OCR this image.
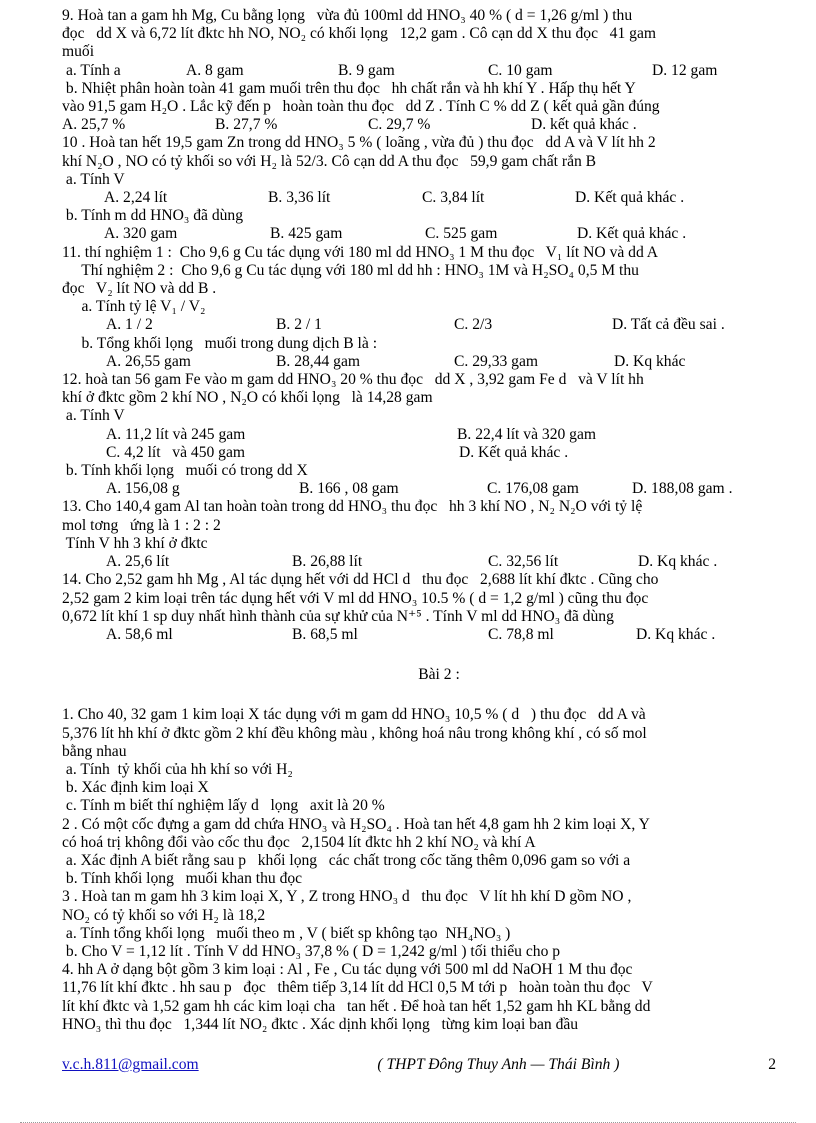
9. Hoà tan a gam hh Mg, Cu bằng lọng   vừa đủ 100ml dd HNO₃ 40 % ( d = 1,26 g/ml ) thu
đọc   dd X và 6,72 lít đktc hh NO, NO₂ có khối lọng   12,2 gam . Cô cạn dd X thu đọc   41 gam
muối
a. Tính a	A. 8 gam	B. 9 gam	C. 10 gam	D. 12 gam
b. Nhiệt phân hoàn toàn 41 gam muối trên thu đọc   hh chất rắn và hh khí Y . Hấp thụ hết Y
vào 91,5 gam H₂O . Lắc kỹ đến p   hoàn toàn thu đọc   dd Z . Tính C % dd Z ( kết quả gần đúng
A. 25,7 %	B. 27,7 %	C. 29,7 %	D. kết quả khác .
10 . Hoà tan hết 19,5 gam Zn trong dd HNO₃ 5 % ( loãng , vừa đủ ) thu đọc   dd A và V lít hh 2
khí N₂O , NO có tỷ khối so với H₂ là 52/3. Cô cạn dd A thu đọc   59,9 gam chất rắn B
a. Tính V
A. 2,24 lít	B. 3,36 lít	C. 3,84 lít	D. Kết quả khác .
b. Tính m dd HNO₃ đã dùng
A. 320 gam	B. 425 gam	C. 525 gam	D. Kết quả khác .
11. thí nghiệm 1 :  Cho 9,6 g Cu tác dụng với 180 ml dd HNO₃ 1 M thu đọc   V₁ lít NO và dd A
Thí nghiệm 2 :  Cho 9,6 g Cu tác dụng với 180 ml dd hh : HNO₃ 1M và H₂SO₄ 0,5 M thu
đọc   V₂ lít NO và dd B .
a. Tính tỷ lệ V₁ / V₂
A. 1 / 2	B. 2 / 1	C. 2/3	D. Tất cả đều sai .
b. Tổng khối lọng   muối trong dung dịch B là :
A. 26,55 gam	B. 28,44 gam	C. 29,33 gam	D. Kq khác
12. hoà tan 56 gam Fe vào m gam dd HNO₃ 20 % thu đọc   dd X , 3,92 gam Fe d   và V lít hh
khí ở đktc gồm 2 khí NO , N₂O có khối lọng   là 14,28 gam
a. Tính V
A. 11,2 lít và 245 gam	B. 22,4 lít và 320 gam
C. 4,2 lít   và 450 gam	D. Kết quả khác .
b. Tính khối lọng   muối có trong dd X
A. 156,08 g	B. 166 , 08 gam	C. 176,08 gam	D. 188,08 gam .
13. Cho 140,4 gam Al tan hoàn toàn trong dd HNO₃ thu đọc   hh 3 khí NO , N₂ N₂O với tỷ lệ
mol tơng   ứng là 1 : 2 : 2
Tính V hh 3 khí ở đktc
A. 25,6 lít	B. 26,88 lít	C. 32,56 lít	D. Kq khác .
14. Cho 2,52 gam hh Mg , Al tác dụng hết với dd HCl d   thu đọc   2,688 lít khí đktc . Cũng cho
2,52 gam 2 kim loại trên tác dụng hết với V ml dd HNO₃ 10.5 % ( d = 1,2 g/ml ) cũng thu đọc
0,672 lít khí 1 sp duy nhất hình thành của sự khử của N⁺⁵ . Tính V ml dd HNO₃ đã dùng
A. 58,6 ml	B. 68,5 ml	C. 78,8 ml	D. Kq khác .
Bài 2 :
1. Cho 40, 32 gam 1 kim loại X tác dụng với m gam dd HNO₃ 10,5 % ( d   ) thu đọc   dd A và
5,376 lít hh khí ở đktc gồm 2 khí đều không màu , không hoá nâu trong không khí , có số mol
bằng nhau
a. Tính  tỷ khối của hh khí so với H₂
b. Xác định kim loại X
c. Tính m biết thí nghiệm lấy d   lọng   axit là 20 %
2 . Có một cốc đựng a gam dd chứa HNO₃ và H₂SO₄ . Hoà tan hết 4,8 gam hh 2 kim loại X, Y
có hoá trị không đổi vào cốc thu đọc   2,1504 lít đktc hh 2 khí NO₂ và khí A
a. Xác định A biết rằng sau p   khối lọng   các chất trong cốc tăng thêm 0,096 gam so với a
b. Tính khối lọng   muối khan thu đọc
3 . Hoà tan m gam hh 3 kim loại X, Y , Z trong HNO₃ d   thu đọc   V lít hh khí D gồm NO ,
NO₂ có tỷ khối so với H₂ là 18,2
a. Tính tổng khối lọng   muối theo m , V ( biết sp không tạo  NH₄NO₃ )
b. Cho V = 1,12 lít . Tính V dd HNO₃ 37,8 % ( D = 1,242 g/ml ) tối thiểu cho p
4. hh A ở dạng bột gồm 3 kim loại : Al , Fe , Cu tác dụng với 500 ml dd NaOH 1 M thu đọc
11,76 lít khí đktc . hh sau p   đọc   thêm tiếp 3,14 lít dd HCl 0,5 M tới p   hoàn toàn thu đọc   V
lít khí đktc và 1,52 gam hh các kim loại cha   tan hết . Để hoà tan hết 1,52 gam hh KL bằng dd
HNO₃ thì thu đọc   1,344 lít NO₂ đktc . Xác dịnh khối lọng   từng kim loại ban đầu
v.c.h.811@gmail.com	( THPT Đông Thuy Anh — Thái Bình )	2
